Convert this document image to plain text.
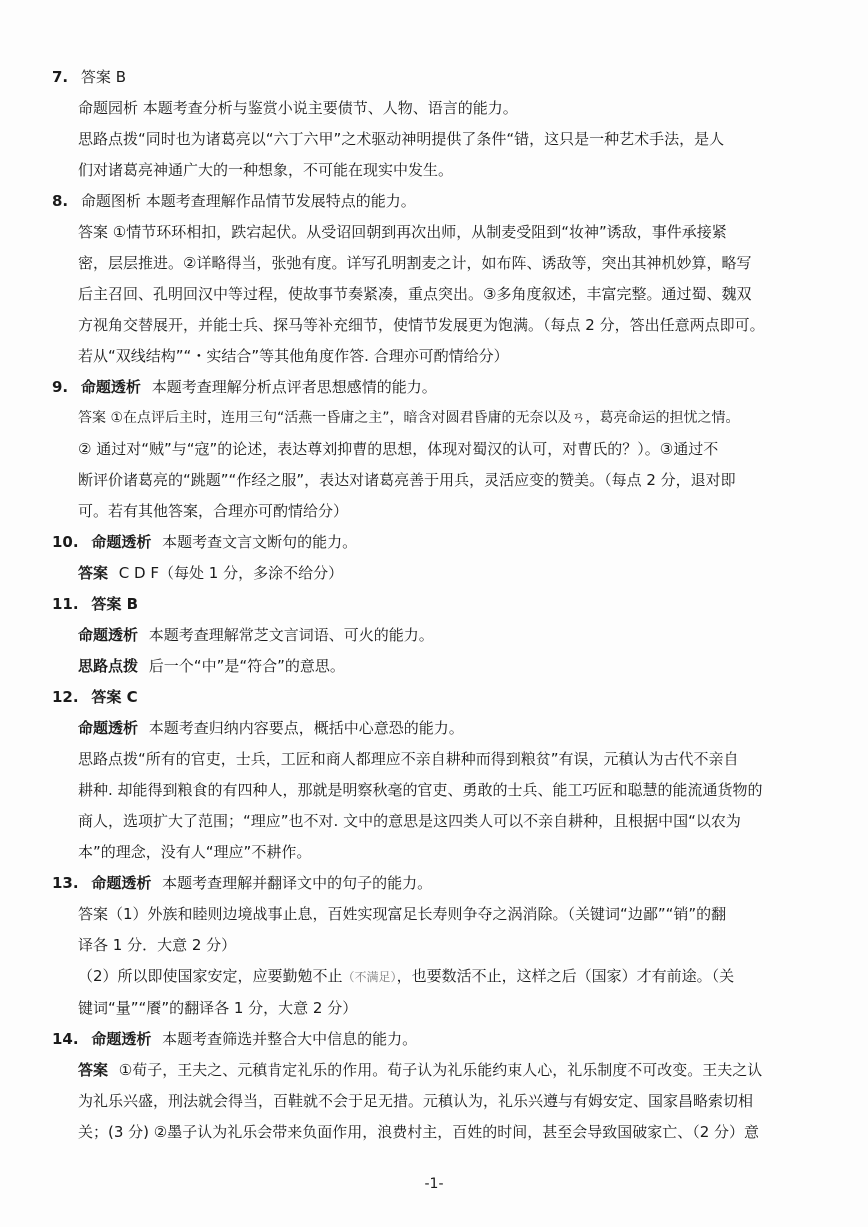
7. 答案 B
命题园析 本题考查分析与鉴赏小说主要债节、人物、语言的能力。
思路点拨“同时也为诸葛亮以“六丁六甲”之术驱动神明提供了条件“错，这只是一种艺术手法，是人
们对诸葛亮神通广大的一种想象，不可能在现实中发生。
8. 命题图析 本题考查理解作品情节发展特点的能力。
答案 ①情节环环相扣，跌宕起伏。从受诏回朝到再次出师，从制麦受阻到“妆神”诱敌，事件承接紧
密，层层推进。②详略得当，张弛有度。详写孔明割麦之计，如布阵、诱敌等，突出其神机妙算，略写
后主召回、孔明回汉中等过程，使故事节奏紧凑，重点突出。③多角度叙述，丰富完整。通过蜀、魏双
方视角交替展开，并能士兵、探马等补充细节，使情节发展更为饱满。（每点 2 分，答出任意两点即可。
若从“双线结构”“・实结合”等其他角度作答. 合理亦可酌情给分）
9. 命题透析 本题考查理解分析点评者思想感情的能力。
答案 ①在点评后主时，连用三句“活燕一昏庸之主”，暗含对圆君昏庸的无奈以及ㄢ，葛亮命运的担忧之情。
② 通过对“贼”与“寇”的论述，表达尊刘抑曹的思想，体现对蜀汉的认可，对曹氏的？）。③通过不
断评价诸葛亮的“跳题”“作经之服”，表达对诸葛亮善于用兵，灵活应变的赞美。（每点 2 分，退对即
可。若有其他答案，合理亦可酌情给分）
10. 命题透析 本题考查文言文断句的能力。
答案 C D F（每处 1 分，多涂不给分）
11. 答案 B
命题透析 本题考查理解常芝文言词语、可火的能力。
思路点拨 后一个“中”是“符合”的意思。
12. 答案 C
命题透析 本题考查归纳内容要点，概括中心意恐的能力。
思路点拨“所有的官吏，士兵，工匠和商人都理应不亲自耕种而得到粮贫”有误，元稹认为古代不亲自
耕种. 却能得到粮食的有四种人，那就是明察秋毫的官吏、勇敢的士兵、能工巧匠和聪慧的能流通货物的
商人，选项扩大了范围；“理应”也不对. 文中的意思是这四类人可以不亲自耕种，且根据中国“以农为
本”的理念，没有人“理应”不耕作。
13. 命题透析 本题考查理解并翻译文中的句子的能力。
答案（1）外族和睦则边境战事止息，百姓实现富足长寿则争夺之涡消除。（关键词“边鄙”“销”的翻
译各 1 分．大意 2 分）
（2）所以即使国家安定，应要勤勉不止（不满足），也要数活不止，这样之后（国家）才有前途。（关
键词“量”“餍”的翻译各 1 分，大意 2 分）
14. 命题透析 本题考查筛选并整合大中信息的能力。
答案 ①荀子，王夫之、元稹肯定礼乐的作用。荀子认为礼乐能约束人心，礼乐制度不可改变。王夫之认
为礼乐兴盛，刑法就会得当，百鞋就不会于足无措。元稹认为，礼乐兴遵与有姆安定、国家昌略索切相
关；(3 分) ②墨子认为礼乐会带来负面作用，浪费村主，百姓的时间，甚至会导致国破家亡、（2 分）意
-1-
